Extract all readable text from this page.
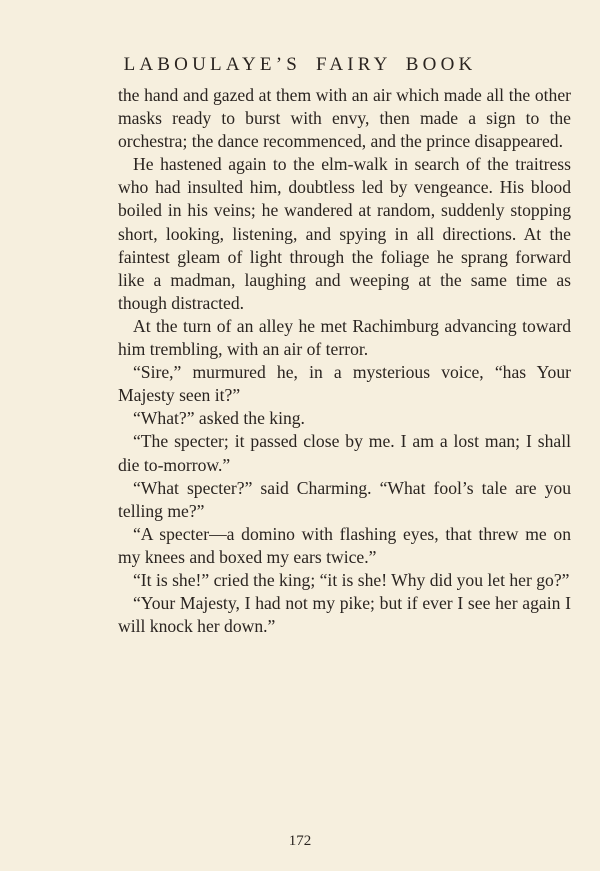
LABOULAYE’S FAIRY BOOK

the hand and gazed at them with an air which made all the other masks ready to burst with envy, then made a sign to the orchestra; the dance recommenced, and the prince disappeared.

He hastened again to the elm-walk in search of the traitress who had insulted him, doubtless led by vengeance. His blood boiled in his veins; he wandered at random, suddenly stopping short, looking, listening, and spying in all directions. At the faintest gleam of light through the foliage he sprang forward like a madman, laughing and weeping at the same time as though distracted.

At the turn of an alley he met Rachimburg advancing toward him trembling, with an air of terror.

“Sire,” murmured he, in a mysterious voice, “has Your Majesty seen it?”

“What?” asked the king.

“The specter; it passed close by me. I am a lost man; I shall die to-morrow.”

“What specter?” said Charming. “What fool’s tale are you telling me?”

“A specter—a domino with flashing eyes, that threw me on my knees and boxed my ears twice.”

“It is she!” cried the king; “it is she! Why did you let her go?”

“Your Majesty, I had not my pike; but if ever I see her again I will knock her down.”

172
